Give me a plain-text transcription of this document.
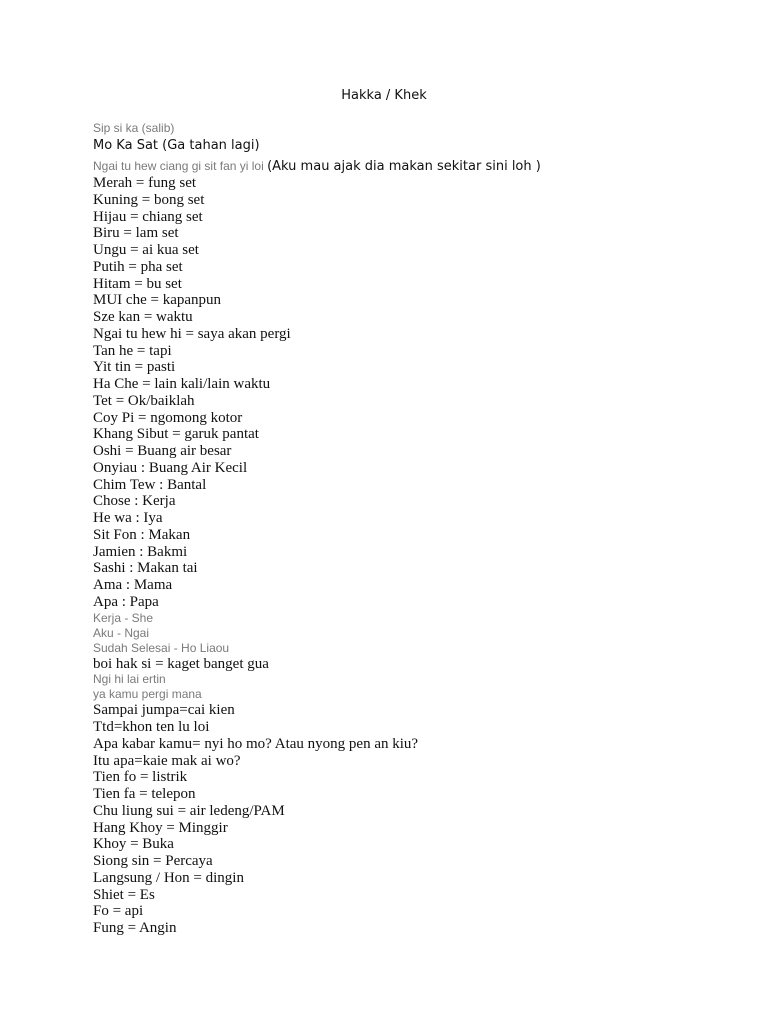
Hakka / Khek
Sip si ka (salib)
Mo Ka Sat (Ga tahan lagi)
Ngai tu hew ciang gi sit fan yi loi (Aku mau ajak dia makan sekitar sini loh )
Merah = fung set
Kuning = bong set
Hijau = chiang set
Biru = lam set
Ungu = ai kua set
Putih = pha set
Hitam = bu set
MUI che = kapanpun
Sze kan = waktu
Ngai tu hew hi = saya akan pergi
Tan he = tapi
Yit tin = pasti
Ha Che = lain kali/lain waktu
Tet = Ok/baiklah
Coy Pi = ngomong kotor
Khang Sibut = garuk pantat
Oshi = Buang air besar
Onyiau : Buang Air Kecil
Chim Tew : Bantal
Chose : Kerja
He wa : Iya
Sit Fon : Makan
Jamien : Bakmi
Sashi : Makan tai
Ama : Mama
Apa : Papa
Kerja - She
Aku - Ngai
Sudah Selesai - Ho Liaou
boi hak si = kaget banget gua
Ngi hi lai ertin
ya kamu pergi mana
Sampai jumpa=cai kien
Ttd=khon ten lu loi
Apa kabar kamu= nyi ho mo? Atau nyong pen an kiu?
Itu apa=kaie mak ai wo?
Tien fo = listrik
Tien fa = telepon
Chu liung sui = air ledeng/PAM
Hang Khoy = Minggir
Khoy = Buka
Siong sin = Percaya
Langsung / Hon = dingin
Shiet = Es
Fo = api
Fung = Angin
